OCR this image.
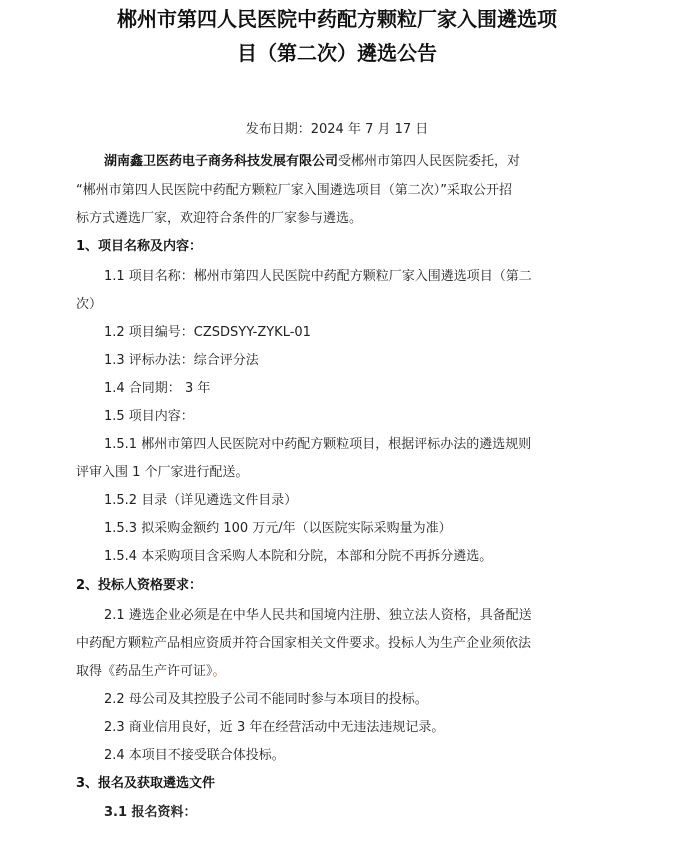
郴州市第四人民医院中药配方颗粒厂家入围遴选项
目（第二次）遴选公告
发布日期：2024 年 7 月 17 日
湖南鑫卫医药电子商务科技发展有限公司受郴州市第四人民医院委托，对
“郴州市第四人民医院中药配方颗粒厂家入围遴选项目（第二次）”采取公开招
标方式遴选厂家，欢迎符合条件的厂家参与遴选。
1、项目名称及内容：
1.1 项目名称：郴州市第四人民医院中药配方颗粒厂家入围遴选项目（第二
次）
1.2 项目编号：CZSDSYY-ZYKL-01
1.3 评标办法：综合评分法
1.4 合同期： 3 年
1.5 项目内容：
1.5.1 郴州市第四人民医院对中药配方颗粒项目，根据评标办法的遴选规则
评审入围 1 个厂家进行配送。
1.5.2 目录（详见遴选文件目录）
1.5.3 拟采购金额约 100 万元/年（以医院实际采购量为准）
1.5.4 本采购项目含采购人本院和分院，本部和分院不再拆分遴选。
2、投标人资格要求：
2.1 遴选企业必须是在中华人民共和国境内注册、独立法人资格，具备配送
中药配方颗粒产品相应资质并符合国家相关文件要求。投标人为生产企业须依法
取得《药品生产许可证》。
2.2 母公司及其控股子公司不能同时参与本项目的投标。
2.3 商业信用良好，近 3 年在经营活动中无违法违规记录。
2.4 本项目不接受联合体投标。
3、报名及获取遴选文件
3.1 报名资料：
